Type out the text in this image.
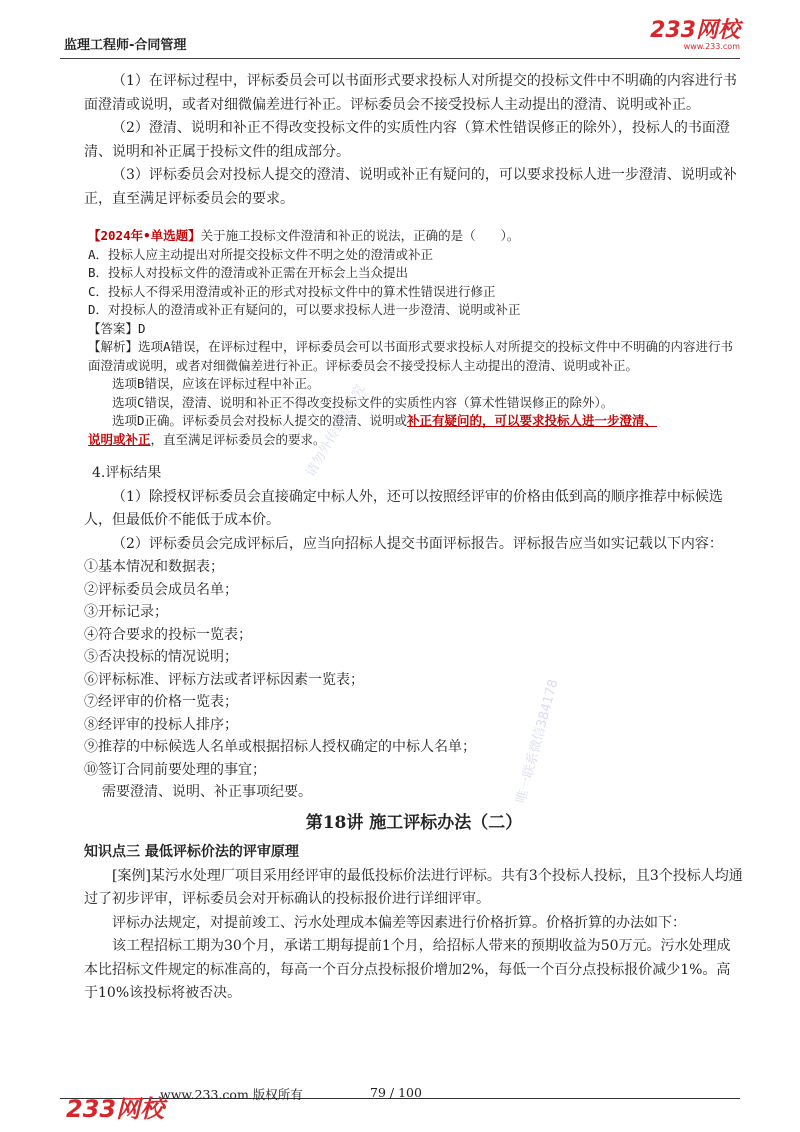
监理工程师-合同管理
233网校
www.233.com

（1）在评标过程中，评标委员会可以书面形式要求投标人对所提交的投标文件中不明确的内容进行书面澄清或说明，或者对细微偏差进行补正。评标委员会不接受投标人主动提出的澄清、说明或补正。

（2）澄清、说明和补正不得改变投标文件的实质性内容（算术性错误修正的除外），投标人的书面澄清、说明和补正属于投标文件的组成部分。

（3）评标委员会对投标人提交的澄清、说明或补正有疑问的，可以要求投标人进一步澄清、说明或补正，直至满足评标委员会的要求。

【2024年•单选题】关于施工投标文件澄清和补正的说法，正确的是（　　）。
A．投标人应主动提出对所提交投标文件不明之处的澄清或补正
B．投标人对投标文件的澄清或补正需在开标会上当众提出
C．投标人不得采用澄清或补正的形式对投标文件中的算术性错误进行修正
D．对投标人的澄清或补正有疑问的，可以要求投标人进一步澄清、说明或补正
【答案】D
【解析】选项A错误，在评标过程中，评标委员会可以书面形式要求投标人对所提交的投标文件中不明确的内容进行书面澄清或说明，或者对细微偏差进行补正。评标委员会不接受投标人主动提出的澄清、说明或补正。
选项B错误，应该在评标过程中补正。
选项C错误，澄清、说明和补正不得改变投标文件的实质性内容（算术性错误修正的除外）。
选项D正确。评标委员会对投标人提交的澄清、说明或补正有疑问的，可以要求投标人进一步澄清、
说明或补正，直至满足评标委员会的要求。
4.评标结果

（1）除授权评标委员会直接确定中标人外，还可以按照经评审的价格由低到高的顺序推荐中标候选人，但最低价不能低于成本价。

（2）评标委员会完成评标后，应当向招标人提交书面评标报告。评标报告应当如实记载以下内容：

①基本情况和数据表；
②评标委员会成员名单；
③开标记录；
④符合要求的投标一览表；
⑤否决投标的情况说明；
⑥评标标准、评标方法或者评标因素一览表；
⑦经评审的价格一览表；
⑧经评审的投标人排序；
⑨推荐的中标候选人名单或根据招标人授权确定的中标人名单；
⑩签订合同前要处理的事宜；
需要澄清、说明、补正事项纪要。
第18讲 施工评标办法（二）
知识点三 最低评标价法的评审原理

[案例]某污水处理厂项目采用经评审的最低投标价法进行评标。共有3个投标人投标，且3个投标人均通过了初步评审，评标委员会对开标确认的投标报价进行详细评审。

评标办法规定，对提前竣工、污水处理成本偏差等因素进行价格折算。价格折算的办法如下：

该工程招标工期为30个月，承诺工期每提前1个月，给招标人带来的预期收益为50万元。污水处理成本比招标文件规定的标准高的，每高一个百分点投标报价增加2%，每低一个百分点投标报价减少1%。高于10%该投标将被否决。

请勿外传盗版必究
唯一联系微信384178
233网校
www.233.com 版权所有	79 / 100
